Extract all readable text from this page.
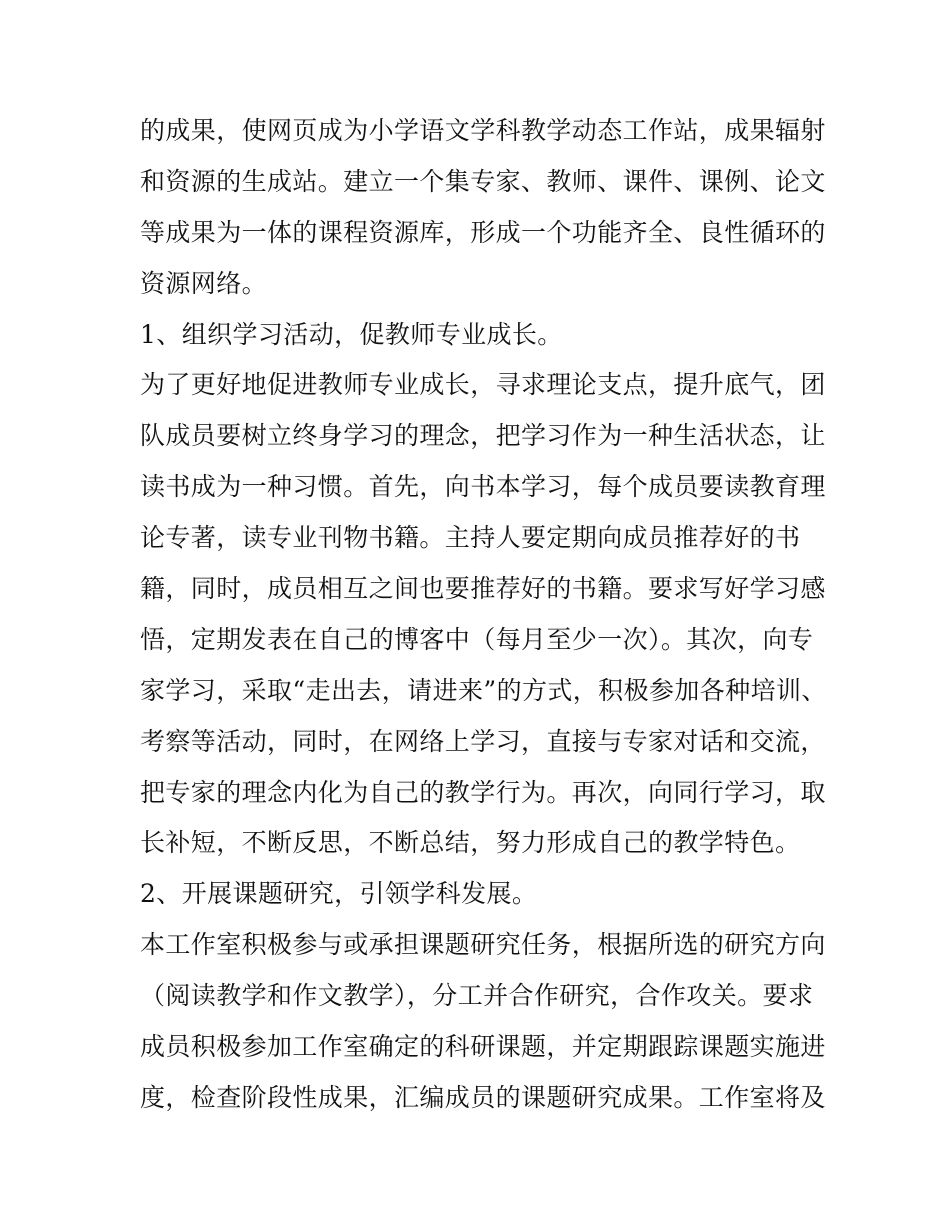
的成果，使网页成为小学语文学科教学动态工作站，成果辐射
和资源的生成站。建立一个集专家、教师、课件、课例、论文
等成果为一体的课程资源库，形成一个功能齐全、良性循环的
资源网络。
1、组织学习活动，促教师专业成长。
为了更好地促进教师专业成长，寻求理论支点，提升底气，团
队成员要树立终身学习的理念，把学习作为一种生活状态，让
读书成为一种习惯。首先，向书本学习，每个成员要读教育理
论专著，读专业刊物书籍。主持人要定期向成员推荐好的书
籍，同时，成员相互之间也要推荐好的书籍。要求写好学习感
悟，定期发表在自己的博客中（每月至少一次）。其次，向专
家学习，采取“走出去，请进来”的方式，积极参加各种培训、
考察等活动，同时，在网络上学习，直接与专家对话和交流，
把专家的理念内化为自己的教学行为。再次，向同行学习，取
长补短，不断反思，不断总结，努力形成自己的教学特色。
2、开展课题研究，引领学科发展。
本工作室积极参与或承担课题研究任务，根据所选的研究方向
（阅读教学和作文教学），分工并合作研究，合作攻关。要求
成员积极参加工作室确定的科研课题，并定期跟踪课题实施进
度，检查阶段性成果，汇编成员的课题研究成果。工作室将及
